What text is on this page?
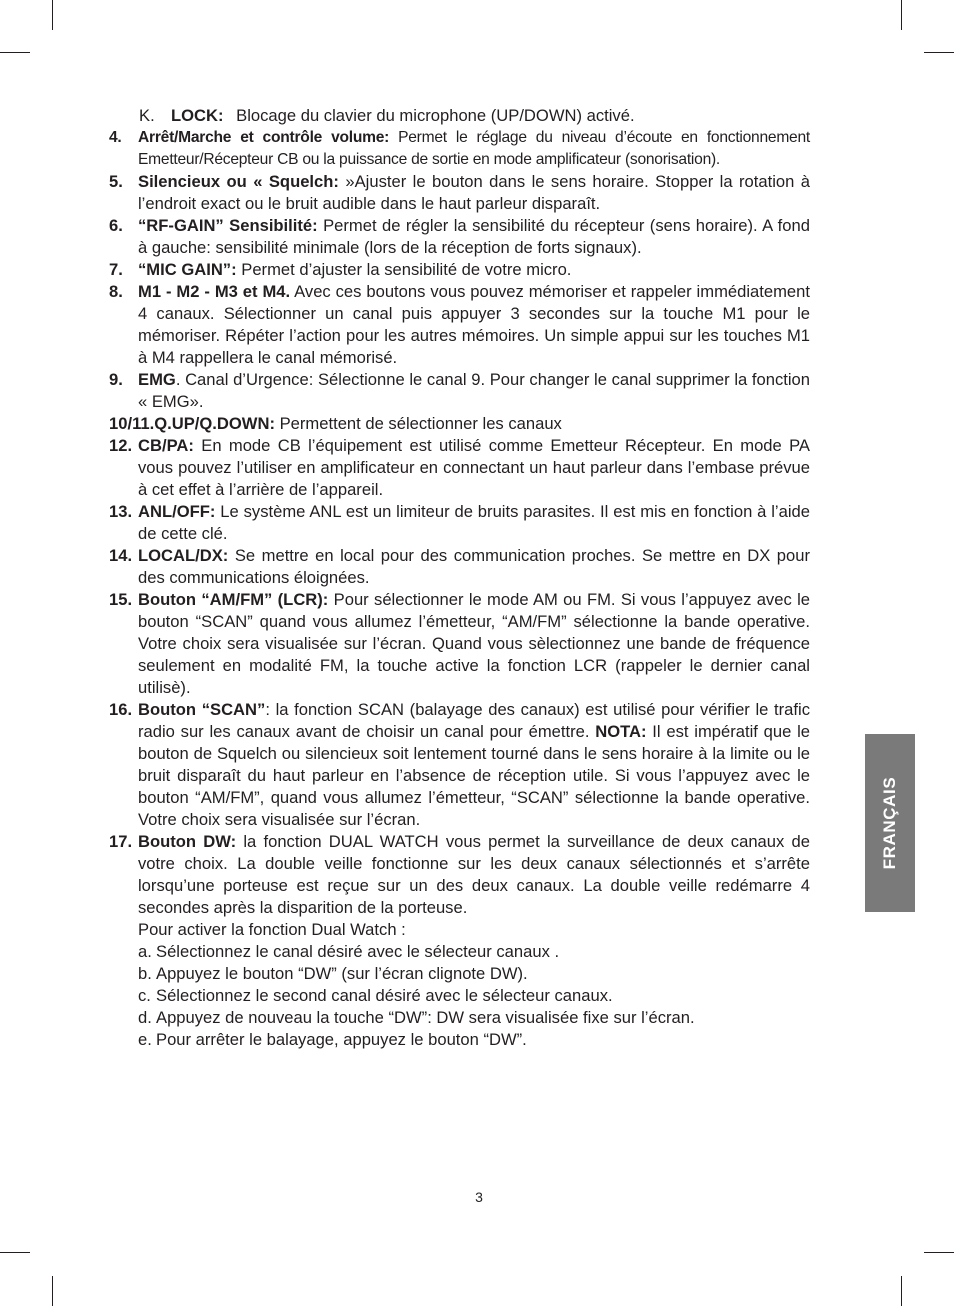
K. LOCK: Blocage du clavier du microphone (UP/DOWN) activé.
4. Arrêt/Marche et contrôle volume: Permet le réglage du niveau d’écoute en fonctionnement Emetteur/Récepteur CB ou la puissance de sortie en mode amplificateur (sonorisation).
5. Silencieux ou « Squelch: »Ajuster le bouton dans le sens horaire. Stopper la rotation à l’endroit exact ou le bruit audible dans le haut parleur disparaît.
6. “RF-GAIN” Sensibilité: Permet de régler la sensibilité du récepteur (sens horaire). A fond à gauche: sensibilité minimale (lors de la réception de forts signaux).
7. “MIC GAIN”: Permet d’ajuster la sensibilité de votre micro.
8. M1 - M2 - M3 et M4. Avec ces boutons vous pouvez mémoriser et rappeler immédiatement 4 canaux. Sélectionner un canal puis appuyer 3 secondes sur la touche M1 pour le mémoriser. Répéter l’action pour les autres mémoires. Un simple appui sur les touches M1 à M4 rappellera le canal mémorisé.
9. EMG. Canal d’Urgence: Sélectionne le canal 9. Pour changer le canal supprimer la fonction « EMG».
10/11.Q.UP/Q.DOWN: Permettent de sélectionner les canaux
12. CB/PA: En mode CB l’équipement est utilisé comme Emetteur Récepteur. En mode PA vous pouvez l’utiliser en amplificateur en connectant un haut parleur dans l’embase prévue à cet effet à l’arrière de l’appareil.
13. ANL/OFF: Le système ANL est un limiteur de bruits parasites. Il est mis en fonction à l’aide de cette clé.
14. LOCAL/DX: Se mettre en local pour des communication proches. Se mettre en DX pour des communications éloignées.
15. Bouton “AM/FM” (LCR): Pour sélectionner le mode AM ou FM. Si vous l’appuyez avec le bouton “SCAN” quand vous allumez l’émetteur, “AM/FM” sélectionne la bande operative. Votre choix sera visualisée sur l’écran. Quand vous sèlectionnez une bande de fréquence seulement en modalité FM, la touche active la fonction LCR (rappeler le dernier canal utilisè).
16. Bouton “SCAN”: la fonction SCAN (balayage des canaux) est utilisé pour vérifier le trafic radio sur les canaux avant de choisir un canal pour émettre. NOTA: Il est impératif que le bouton de Squelch ou silencieux soit lentement tourné dans le sens horaire à la limite ou le bruit disparaît du haut parleur en l’absence de réception utile. Si vous l’appuyez avec le bouton “AM/FM”, quand vous allumez l’émetteur, “SCAN” sélectionne la bande operative. Votre choix sera visualisée sur l’écran.
17. Bouton DW: la fonction DUAL WATCH vous permet la surveillance de deux canaux de votre choix. La double veille fonctionne sur les deux canaux sélectionnés et s’arrête lorsqu’une porteuse est reçue sur un des deux canaux. La double veille redémarre 4 secondes après la disparition de la porteuse.
Pour activer la fonction Dual Watch :
a. Sélectionnez le canal désiré avec le sélecteur canaux .
b. Appuyez le bouton “DW” (sur l’écran clignote DW).
c. Sélectionnez le second canal désiré avec le sélecteur canaux.
d. Appuyez de nouveau la touche “DW”: DW sera visualisée fixe sur l’écran.
e. Pour arrêter le balayage, appuyez le bouton “DW”.
FRANÇAIS
3
